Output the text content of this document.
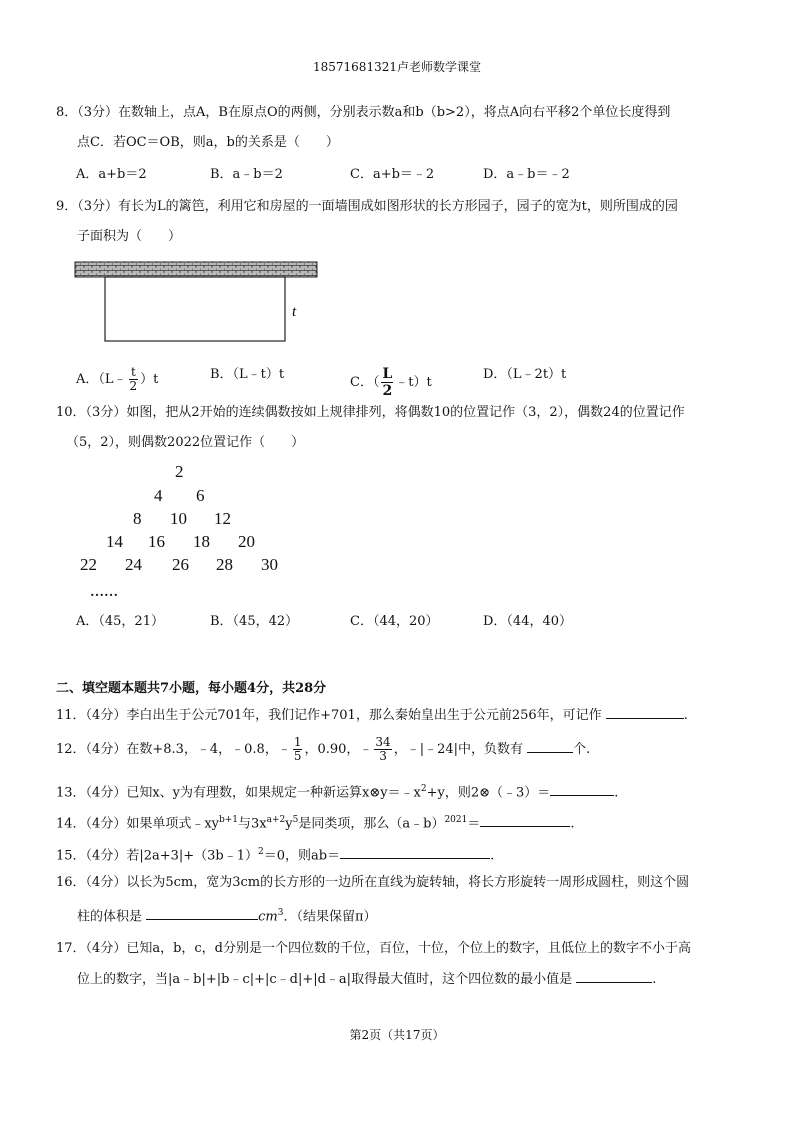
18571681321卢老师数学课堂
8．（3分）在数轴上，点A，B在原点O的两侧，分别表示数a和b（b>2），将点A向右平移2个单位长度得到
点C．若OC＝OB，则a，b的关系是（　　）
A．a+b＝2	B．a﹣b＝2	C．a+b＝﹣2	D．a﹣b＝﹣2
9．（3分）有长为L的篱笆，利用它和房屋的一面墙围成如图形状的长方形园子，园子的宽为t，则所围成的园
子面积为（　　）
t
A．（L﹣ $\frac{t}{2} )t$	B．（L﹣t）t
C．（ $\frac{L}{2}$ ﹣t）t
D．（L﹣2t）t
10．（3分）如图，把从2开始的连续偶数按如上规律排列，将偶数10的位置记作（3，2），偶数24的位置记作
（5，2），则偶数2022位置记作（　　）
2
4 6
8 10 12
14 16 18 20
22 24 26 28 30
……
A．（45，21）	B．（45，42）	C．（44，20）	D．（44，40）
二、填空题本题共7小题，每小题4分，共28分
11．（4分）李白出生于公元701年，我们记作+701，那么秦始皇出生于公元前256年，可记作	.
12．（4分）在数+8.3，﹣4，﹣0.8，﹣ $\frac{1}{5}$ ，0.90，﹣ $\frac{34}{3}$ ，﹣|﹣24|中，负数有	个.
13．（4分）已知x、y为有理数，如果规定一种新运算$x\otimes y=﹣x^2+y$，则2⊗（﹣3）＝	.
14．（4分）如果单项式$﹣xy^{b+1}$与$3x^{a+2}y^5$是同类项，那么（a﹣b）$^{2021}$＝	.
15．（4分）若|2a+3|+（3b﹣1）$^2$＝0，则ab＝	.
16．（4分）以长为5cm，宽为3cm的长方形的一边所在直线为旋转轴，将长方形旋转一周形成圆柱，则这个圆
柱的体积是	$cm^3$．（结果保留π）
17．（4分）已知a，b，c，d分别是一个四位数的千位，百位，十位，个位上的数字，且低位上的数字不小于高
位上的数字，当|a﹣b|+|b﹣c|+|c﹣d|+|d﹣a|取得最大值时，这个四位数的最小值是	.
第2页（共17页）
